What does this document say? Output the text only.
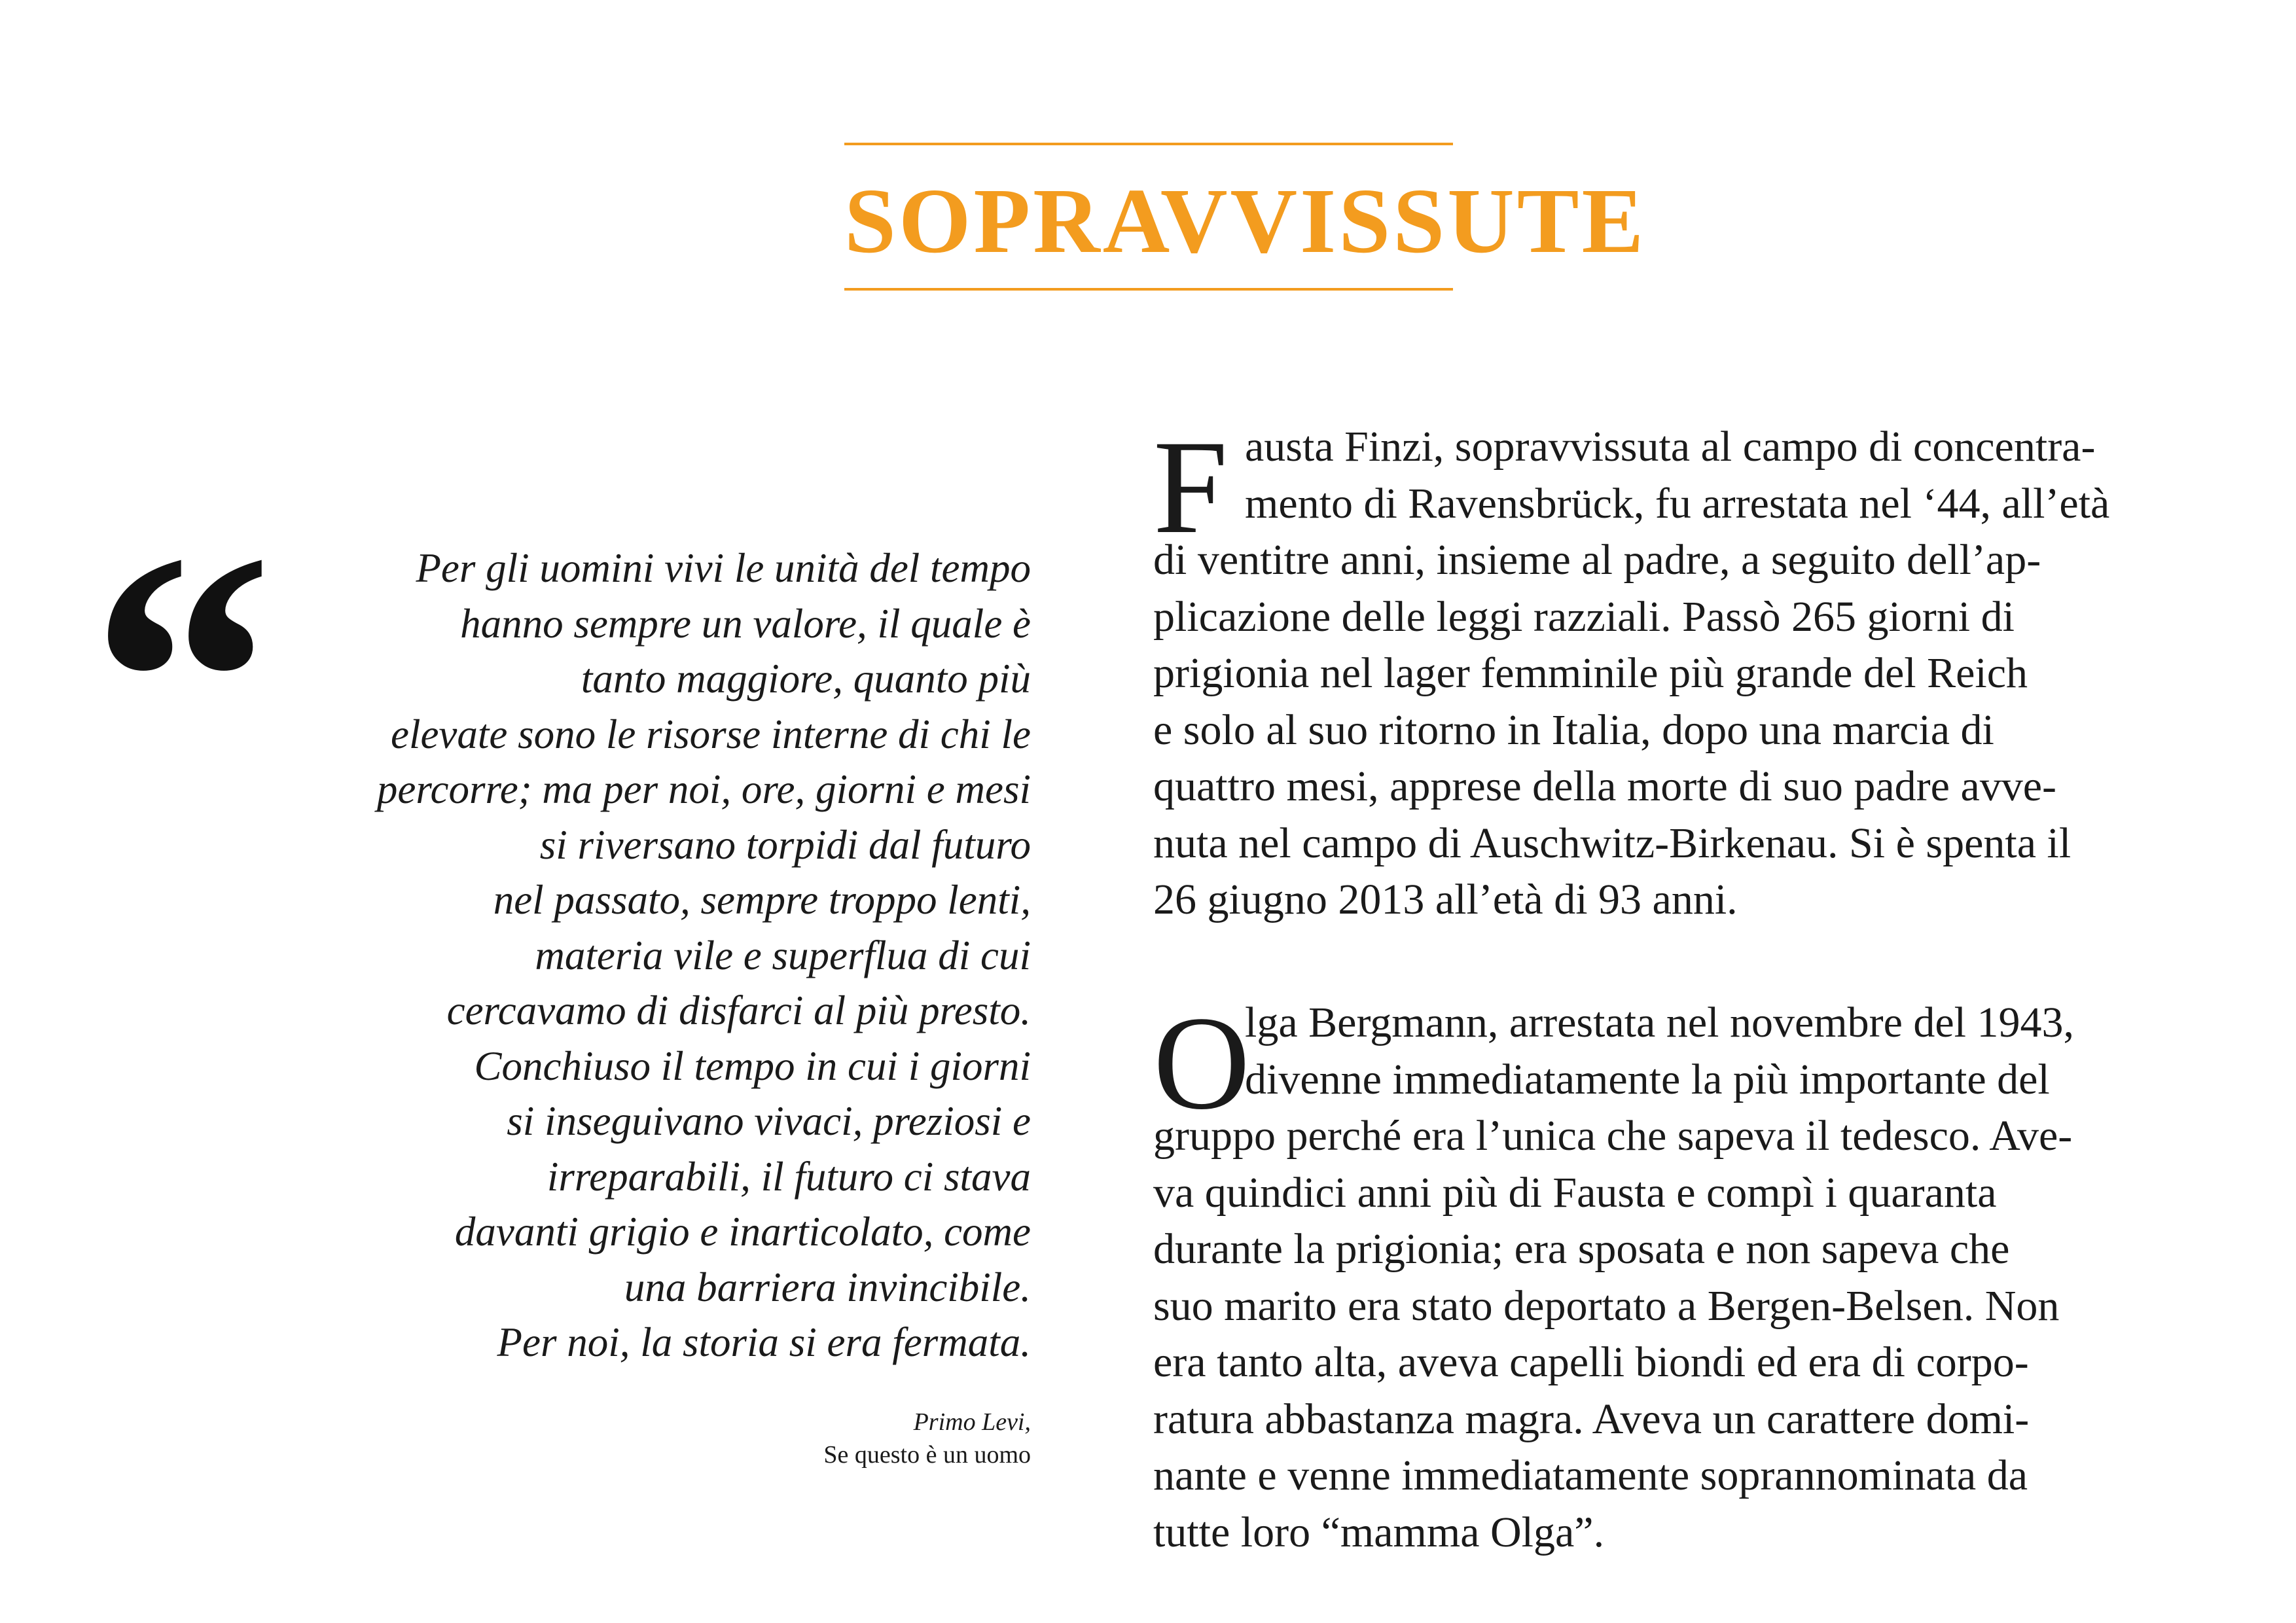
SOPRAVVISSUTE
“	Per gli uomini vivi le unità del tempo
hanno sempre un valore, il quale è
tanto maggiore, quanto più
elevate sono le risorse interne di chi le
percorre; ma per noi, ore, giorni e mesi
si riversano torpidi dal futuro
nel passato, sempre troppo lenti,
materia vile e superflua di cui
cercavamo di disfarci al più presto.
Conchiuso il tempo in cui i giorni
si inseguivano vivaci, preziosi e
irreparabili, il futuro ci stava
davanti grigio e inarticolato, come
una barriera invincibile.
Per noi, la storia si era fermata.
Primo Levi,
Se questo è un uomo
F austa Finzi, sopravvissuta al campo di concentra-
mento di Ravensbrück, fu arrestata nel ‘44, all’età
di ventitre anni, insieme al padre, a seguito dell’ap-
plicazione delle leggi razziali. Passò 265 giorni di
prigionia nel lager femminile più grande del Reich
e solo al suo ritorno in Italia, dopo una marcia di
quattro mesi, apprese della morte di suo padre avve-
nuta nel campo di Auschwitz-Birkenau. Si è spenta il
26 giugno 2013 all’età di 93 anni.
O
lga Bergmann, arrestata nel novembre del 1943,
divenne immediatamente la più importante del
gruppo perché era l’unica che sapeva il tedesco. Ave-
va quindici anni più di Fausta e compì i quaranta
durante la prigionia; era sposata e non sapeva che
suo marito era stato deportato a Bergen-Belsen. Non
era tanto alta, aveva capelli biondi ed era di corpo-
ratura abbastanza magra. Aveva un carattere domi-
nante e venne immediatamente soprannominata da
tutte loro “mamma Olga”.
